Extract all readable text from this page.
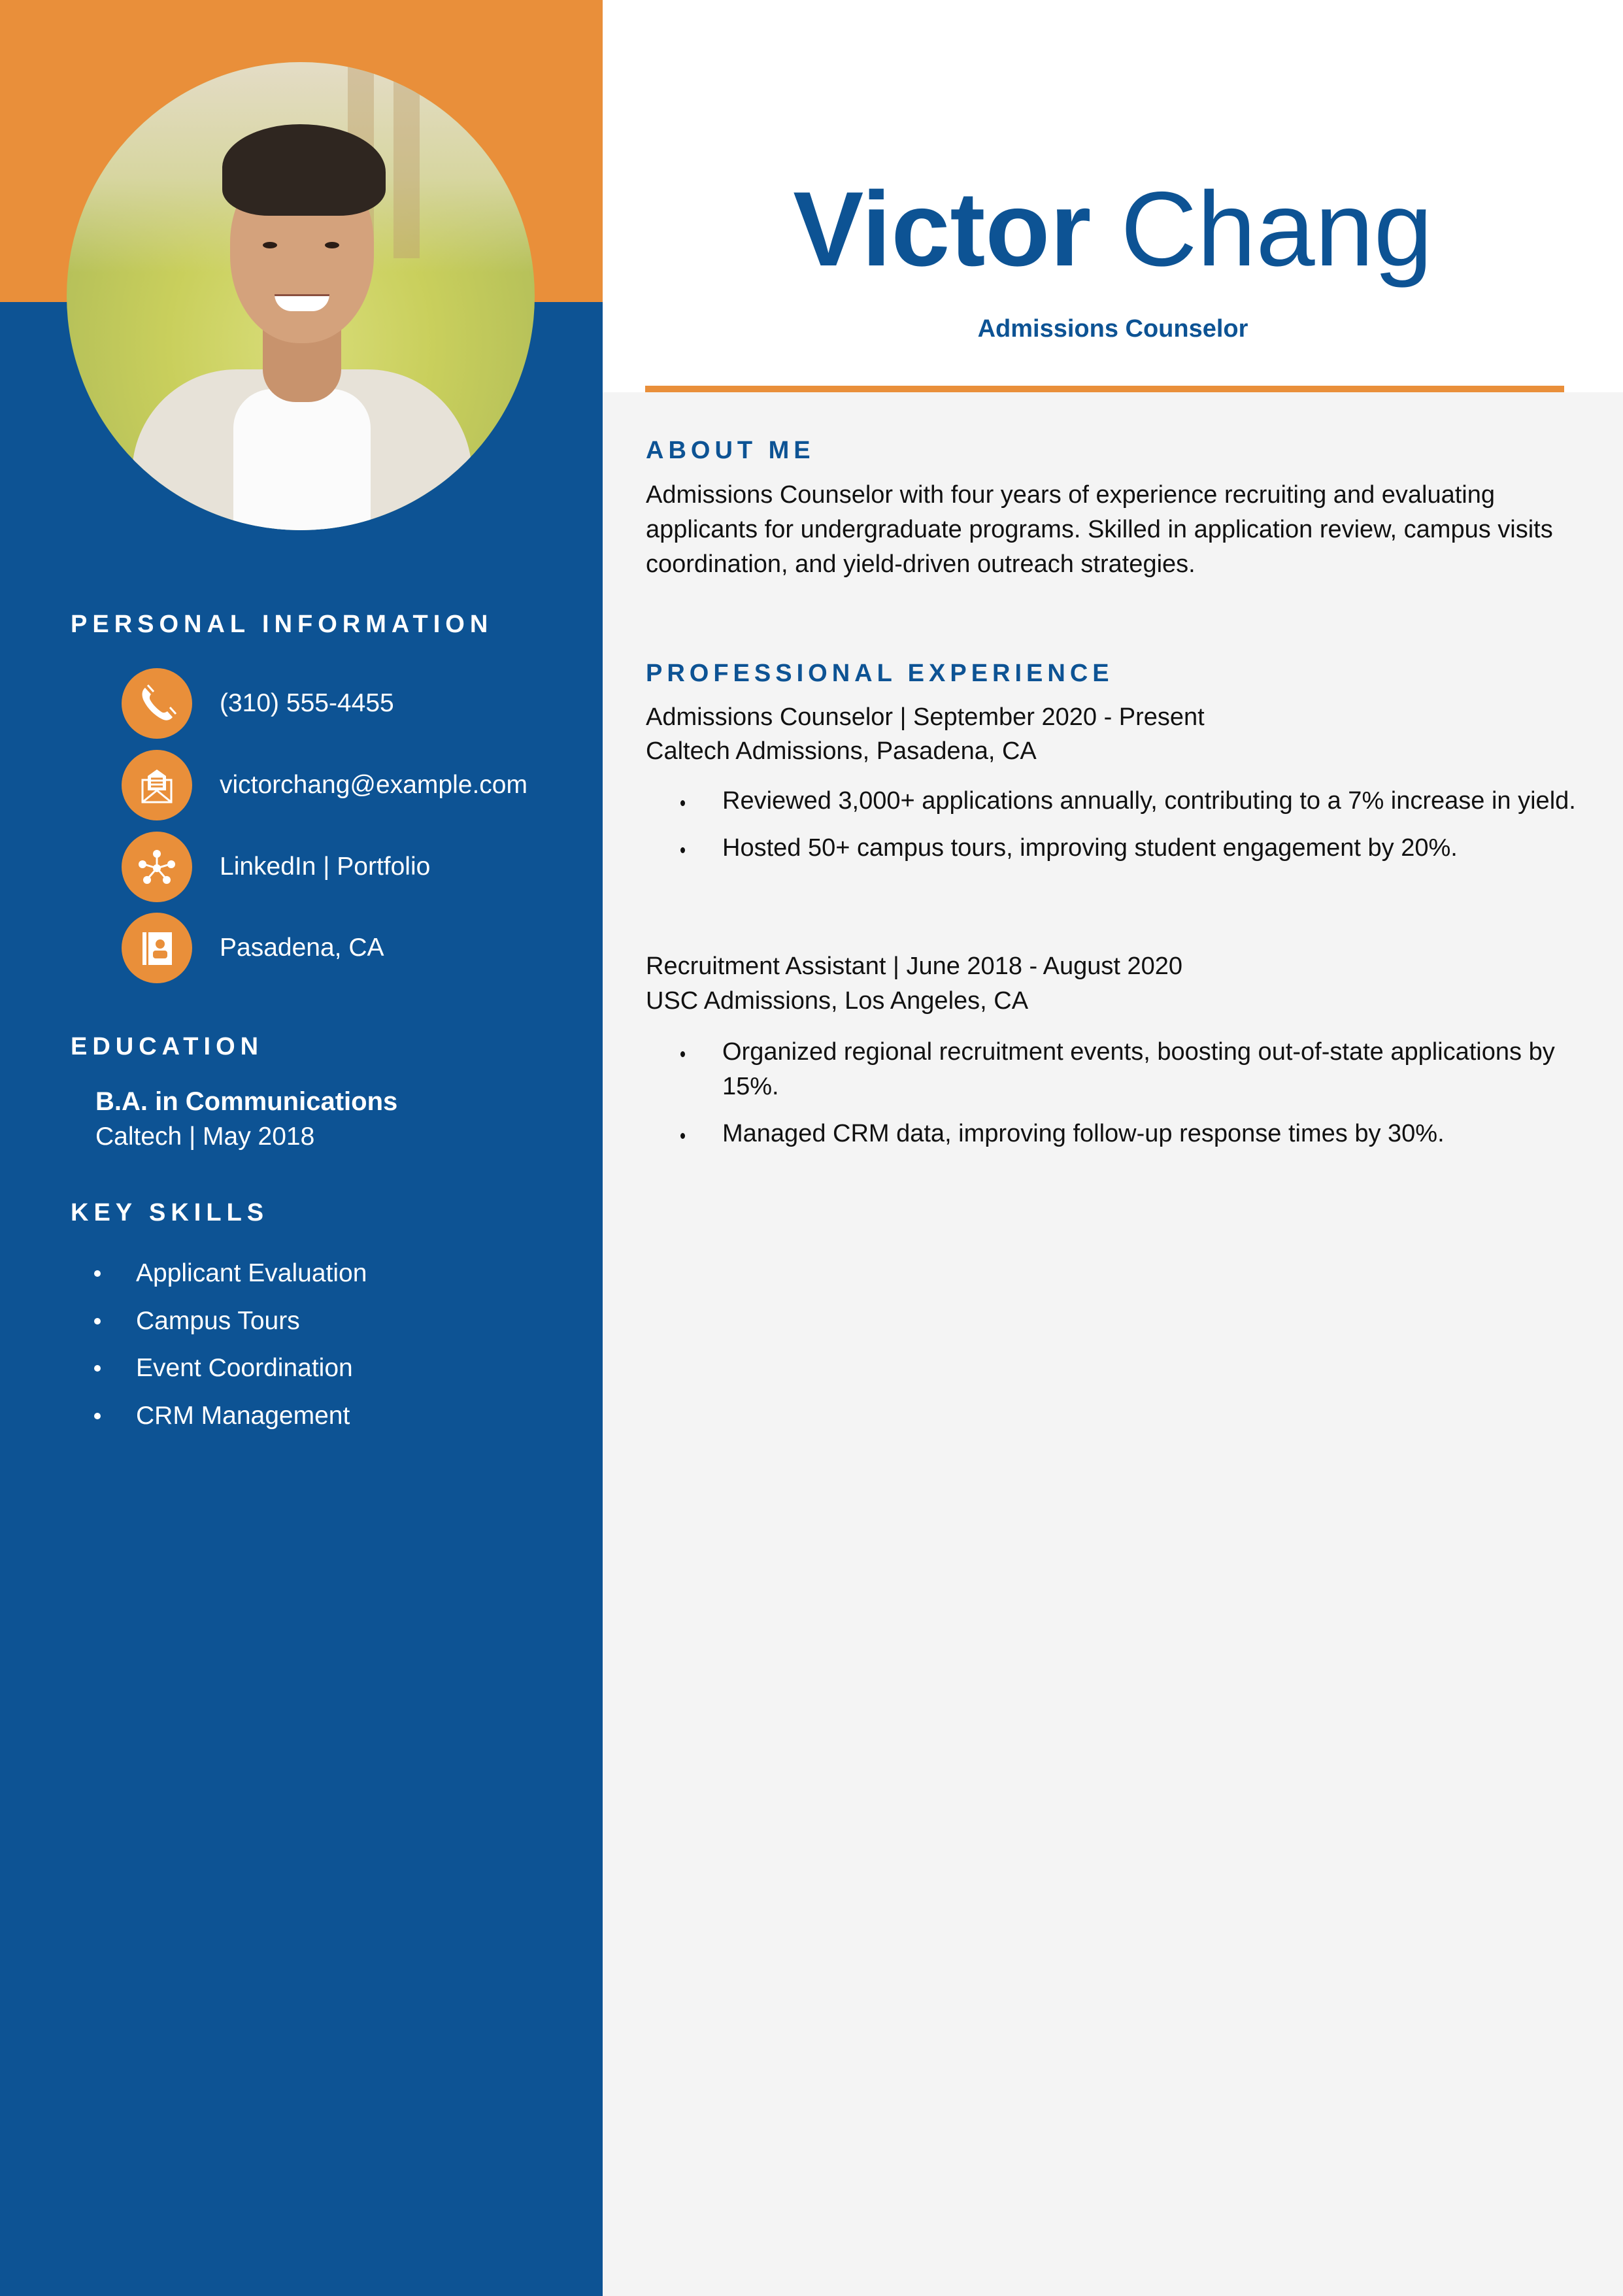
PERSONAL INFORMATION
(310) 555-4455
victorchang@example.com
LinkedIn | Portfolio
Pasadena, CA
EDUCATION
B.A. in Communications
Caltech | May 2018
KEY SKILLS
Applicant Evaluation
Campus Tours
Event Coordination
CRM Management
Victor Chang
Admissions Counselor
ABOUT ME

Admissions Counselor with four years of experience recruiting and evaluating applicants for undergraduate programs. Skilled in application review, campus visits coordination, and yield-driven outreach strategies.

PROFESSIONAL EXPERIENCE
Admissions Counselor | September 2020 - Present
Caltech Admissions, Pasadena, CA
Reviewed 3,000+ applications annually, contributing to a 7% increase in yield.
Hosted 50+ campus tours, improving student engagement by 20%.
Recruitment Assistant | June 2018 - August 2020
USC Admissions, Los Angeles, CA
Organized regional recruitment events, boosting out-of-state applications by 15%.
Managed CRM data, improving follow-up response times by 30%.
